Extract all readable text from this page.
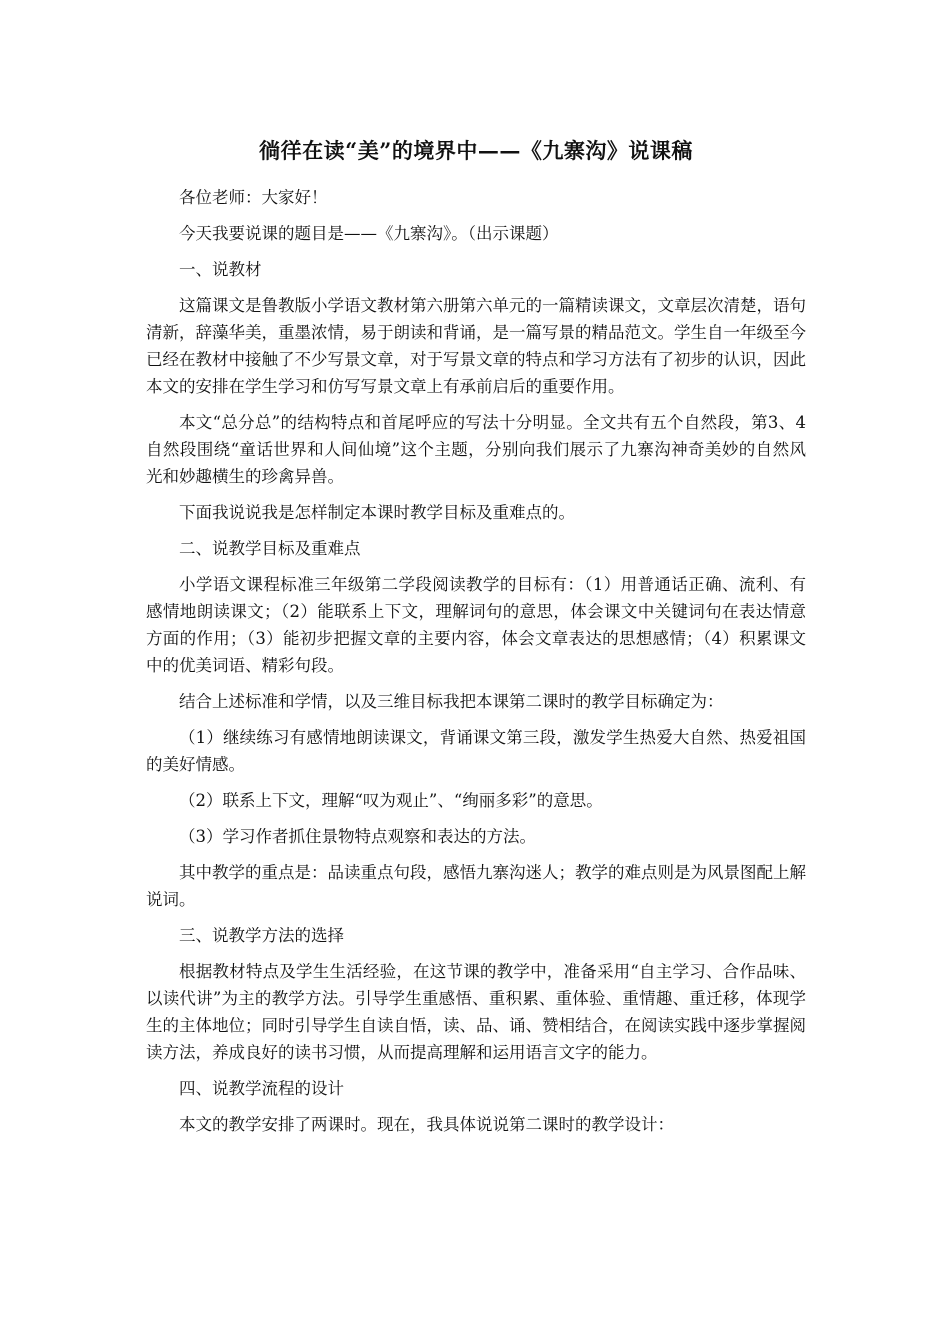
徜徉在读“美”的境界中——《九寨沟》说课稿

各位老师：大家好！

今天我要说课的题目是——《九寨沟》。（出示课题）

一、说教材

这篇课文是鲁教版小学语文教材第六册第六单元的一篇精读课文，文章层次清楚，语句清新，辞藻华美，重墨浓情，易于朗读和背诵，是一篇写景的精品范文。学生自一年级至今已经在教材中接触了不少写景文章，对于写景文章的特点和学习方法有了初步的认识，因此本文的安排在学生学习和仿写写景文章上有承前启后的重要作用。

本文“总分总”的结构特点和首尾呼应的写法十分明显。全文共有五个自然段，第3、4自然段围绕“童话世界和人间仙境”这个主题，分别向我们展示了九寨沟神奇美妙的自然风光和妙趣横生的珍禽异兽。

下面我说说我是怎样制定本课时教学目标及重难点的。

二、说教学目标及重难点

小学语文课程标准三年级第二学段阅读教学的目标有：（1）用普通话正确、流利、有感情地朗读课文；（2）能联系上下文，理解词句的意思，体会课文中关键词句在表达情意方面的作用；（3）能初步把握文章的主要内容，体会文章表达的思想感情；（4）积累课文中的优美词语、精彩句段。

结合上述标准和学情，以及三维目标我把本课第二课时的教学目标确定为：

（1）继续练习有感情地朗读课文，背诵课文第三段，激发学生热爱大自然、热爱祖国的美好情感。

（2）联系上下文，理解“叹为观止”、“绚丽多彩”的意思。

（3）学习作者抓住景物特点观察和表达的方法。

其中教学的重点是：品读重点句段，感悟九寨沟迷人；教学的难点则是为风景图配上解说词。

三、说教学方法的选择

根据教材特点及学生生活经验，在这节课的教学中，准备采用“自主学习、合作品味、以读代讲”为主的教学方法。引导学生重感悟、重积累、重体验、重情趣、重迁移，体现学生的主体地位；同时引导学生自读自悟，读、品、诵、赞相结合，在阅读实践中逐步掌握阅读方法，养成良好的读书习惯，从而提高理解和运用语言文字的能力。

四、说教学流程的设计

本文的教学安排了两课时。现在，我具体说说第二课时的教学设计：
